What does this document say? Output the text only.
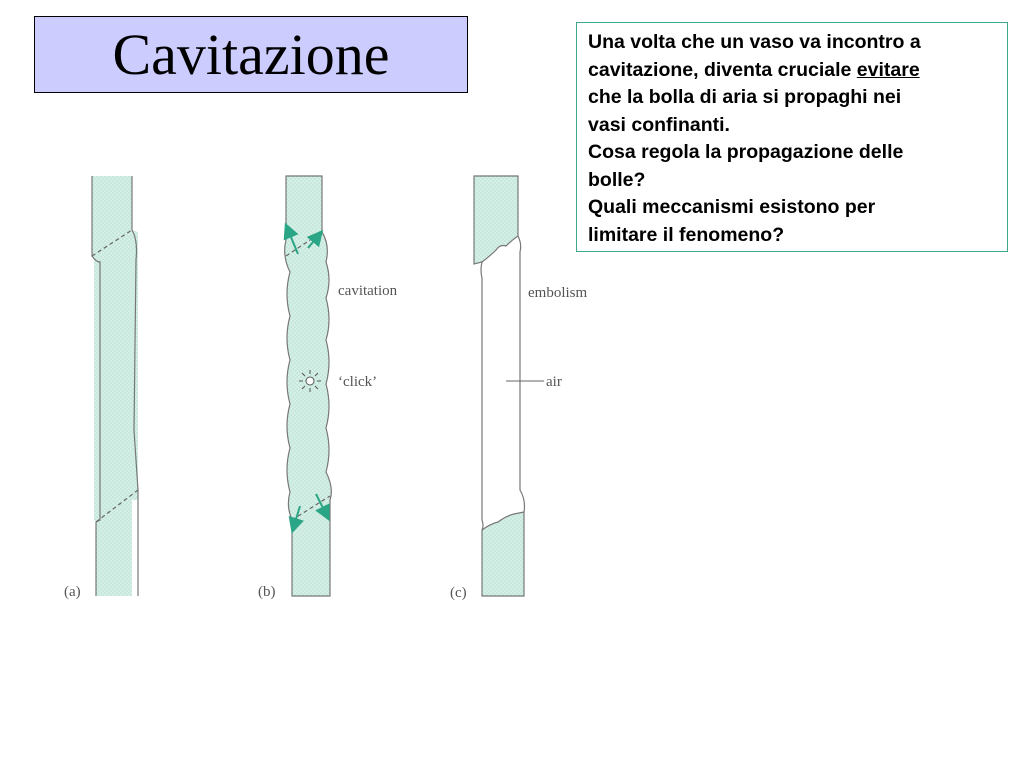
Cavitazione	Una volta che un vaso va incontro a
cavitazione, diventa cruciale evitare
che la bolla di aria si propaghi nei
vasi confinanti.
Cosa regola la propagazione delle
bolle?
Quali meccanismi esistono per
limitare il fenomeno?
(a)
cavitation
‘click’
(b)
embolism
air
(c)
